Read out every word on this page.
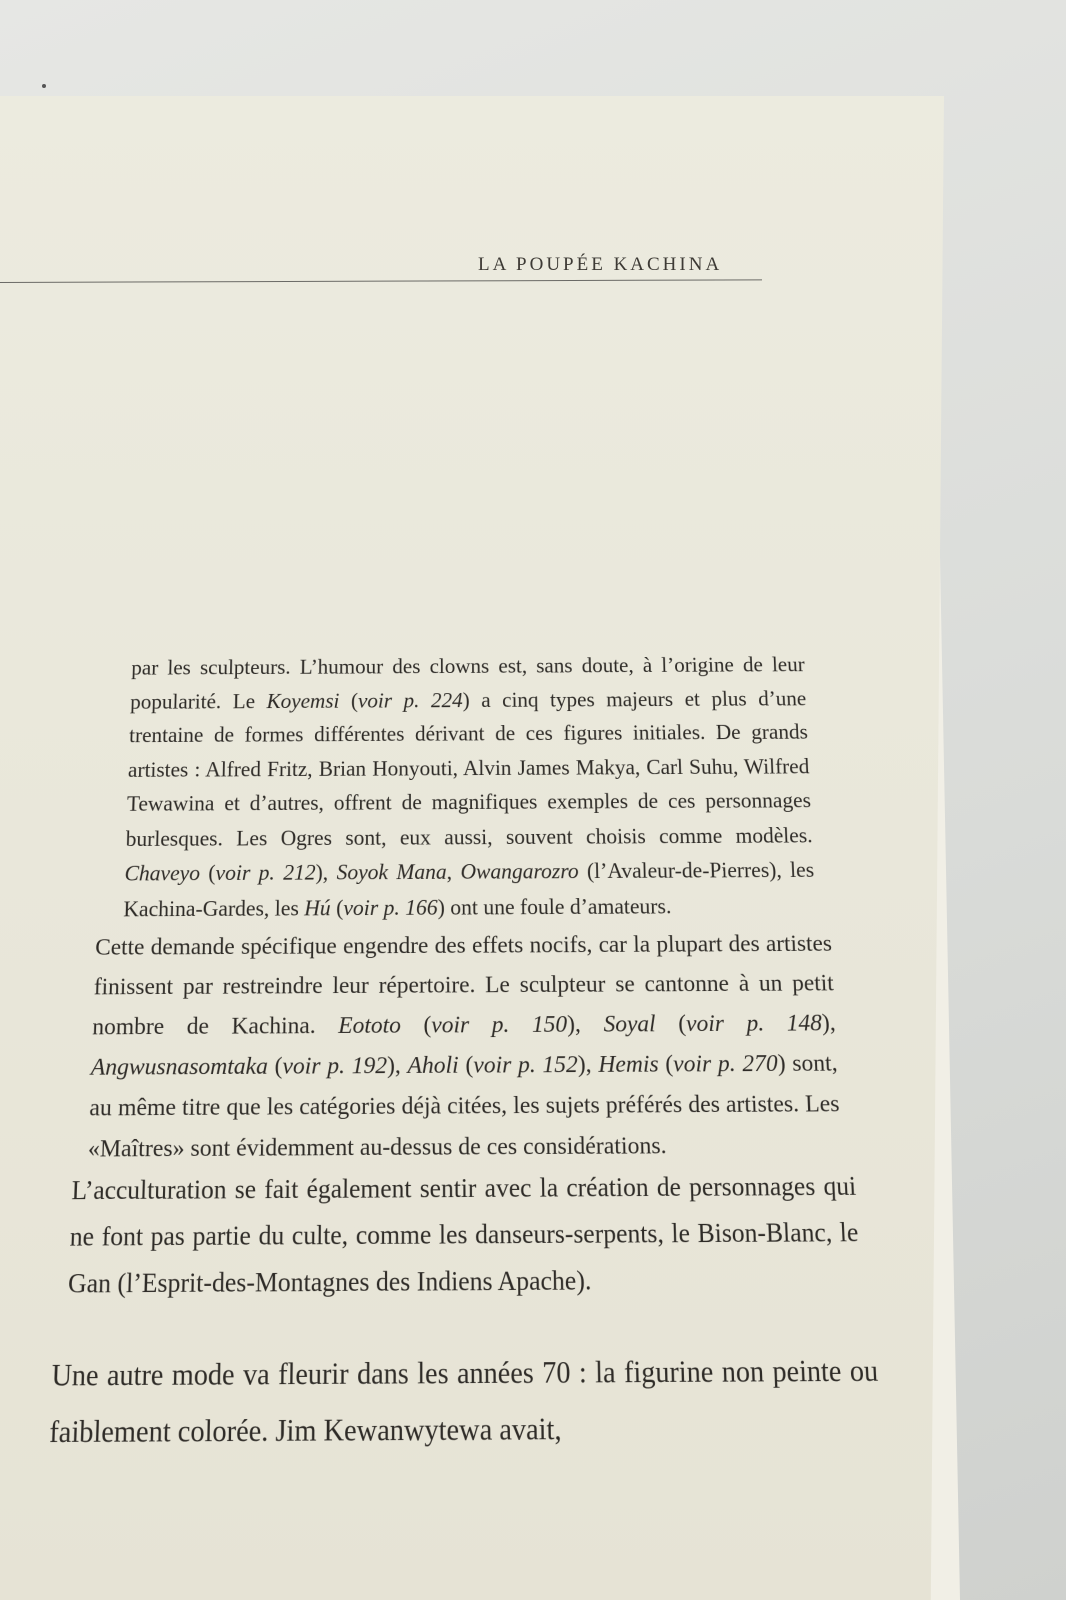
LA POUPÉE KACHINA

par les sculpteurs. L’humour des clowns est, sans doute, à l’origine de leur popularité. Le Koyemsi (voir p. 224) a cinq types majeurs et plus d’une trentaine de formes différentes dérivant de ces figures initiales. De grands artistes : Alfred Fritz, Brian Honyouti, Alvin James Makya, Carl Suhu, Wilfred Tewawina et d’autres, offrent de magnifiques exemples de ces personnages burlesques. Les Ogres sont, eux aussi, souvent choisis comme modèles. Chaveyo (voir p. 212), Soyok Mana, Owangarozro (l’Avaleur-de-Pierres), les Kachina-Gardes, les Hú (voir p. 166) ont une foule d’amateurs.

Cette demande spécifique engendre des effets nocifs, car la plupart des artistes finissent par restreindre leur répertoire. Le sculpteur se cantonne à un petit nombre de Kachina. Eototo (voir p. 150), Soyal (voir p. 148), Angwusnasomtaka (voir p. 192), Aholi (voir p. 152), Hemis (voir p. 270) sont, au même titre que les catégories déjà citées, les sujets préférés des artistes. Les «Maîtres» sont évidemment au-dessus de ces considérations.

L’acculturation se fait également sentir avec la création de personnages qui ne font pas partie du culte, comme les danseurs-serpents, le Bison-Blanc, le Gan (l’Esprit-des-Montagnes des Indiens Apache).

Une autre mode va fleurir dans les années 70 : la figurine non peinte ou faiblement colorée. Jim Kewanwytewa avait,
